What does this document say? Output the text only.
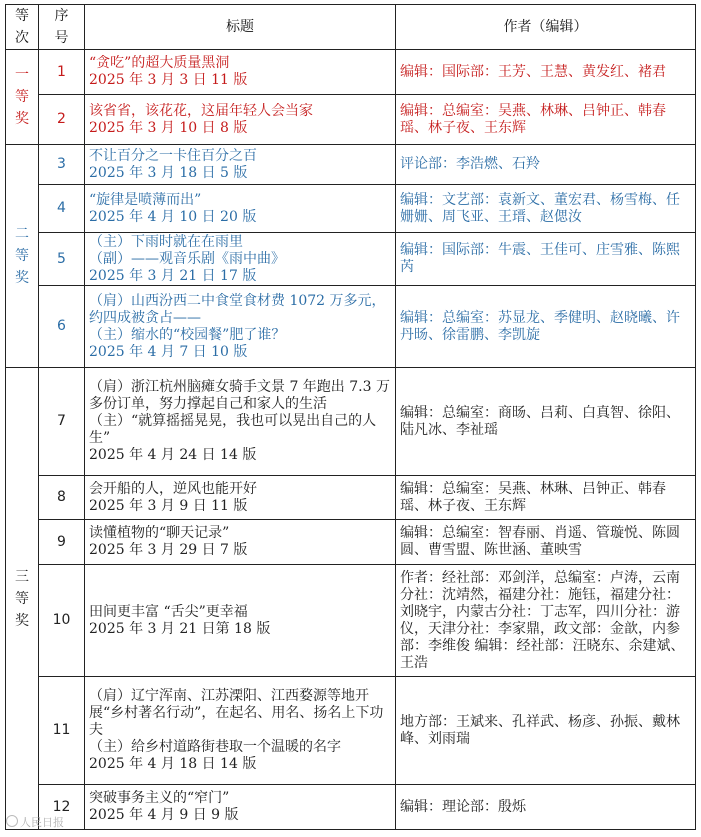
等次	序号	标题	作者（编辑）
一等奖	1	“贪吃”的超大质量黑洞
2025 年 3 月 3 日 11 版	编辑：国际部：王芳、王慧、黄发红、褚君

	2	该省省，该花花，这届年轻人会当家
2025 年 3 月 10 日 8 版	编辑：总编室：吴燕、林琳、吕钟正、韩春瑶、林子夜、王东辉

二等奖	3	不让百分之一卡住百分之百
2025 年 3 月 18 日 5 版	评论部：李浩燃、石羚

	4	“旋律是喷薄而出”
2025 年 4 月 10 日 20 版	编辑：文艺部：袁新文、董宏君、杨雪梅、任姗姗、周飞亚、王瑨、赵偲汝

	5	（主）下雨时就在在雨里
（副）——观音乐剧《雨中曲》
2025 年 3 月 21 日 17 版	编辑：国际部：牛震、王佳可、庄雪雅、陈熙芮

	6	（肩）山西汾西二中食堂食材费 1072 万多元，约四成被贪占——
（主）缩水的“校园餐”肥了谁？
2025 年 4 月 7 日 10 版	编辑：总编室：苏显龙、季健明、赵晓曦、许丹旸、徐雷鹏、李凯旋

三等奖	7	（肩）浙江杭州脑瘫女骑手文景 7 年跑出 7.3 万多份订单，努力撑起自己和家人的生活
（主）“就算摇摇晃晃，我也可以晃出自己的人生”
2025 年 4 月 24 日 14 版	编辑：总编室：商旸、吕莉、白真智、徐阳、陆凡冰、李祉瑶

	8	会开船的人，逆风也能开好
2025 年 3 月 9 日 11 版	编辑：总编室：吴燕、林琳、吕钟正、韩春瑶、林子夜、王东辉

	9	读懂植物的“聊天记录”
2025 年 3 月 29 日 7 版	编辑：总编室：智春丽、肖遥、管璇悦、陈圆圆、曹雪盟、陈世涵、董映雪

	10	田间更丰富 “舌尖”更幸福
2025 年 3 月 21 日第 18 版	作者：经社部：邓剑洋，总编室：卢涛，云南分社：沈靖然，福建分社：施钰，福建分社：刘晓宇，内蒙古分社：丁志军，四川分社：游仪，天津分社：李家鼎，政文部：金歆，内参部：李维俊 编辑：经社部：汪晓东、余建斌、王浩

	11	（肩）辽宁浑南、江苏溧阳、江西婺源等地开展“乡村著名行动”，在起名、用名、扬名上下功夫
（主）给乡村道路街巷取一个温暖的名字
2025 年 4 月 18 日 14 版	地方部：王斌来、孔祥武、杨彦、孙振、戴林峰、刘雨瑞

	12	突破事务主义的“窄门”
2025 年 4 月 9 日 9 版	编辑：理论部：殷烁
人民日报
